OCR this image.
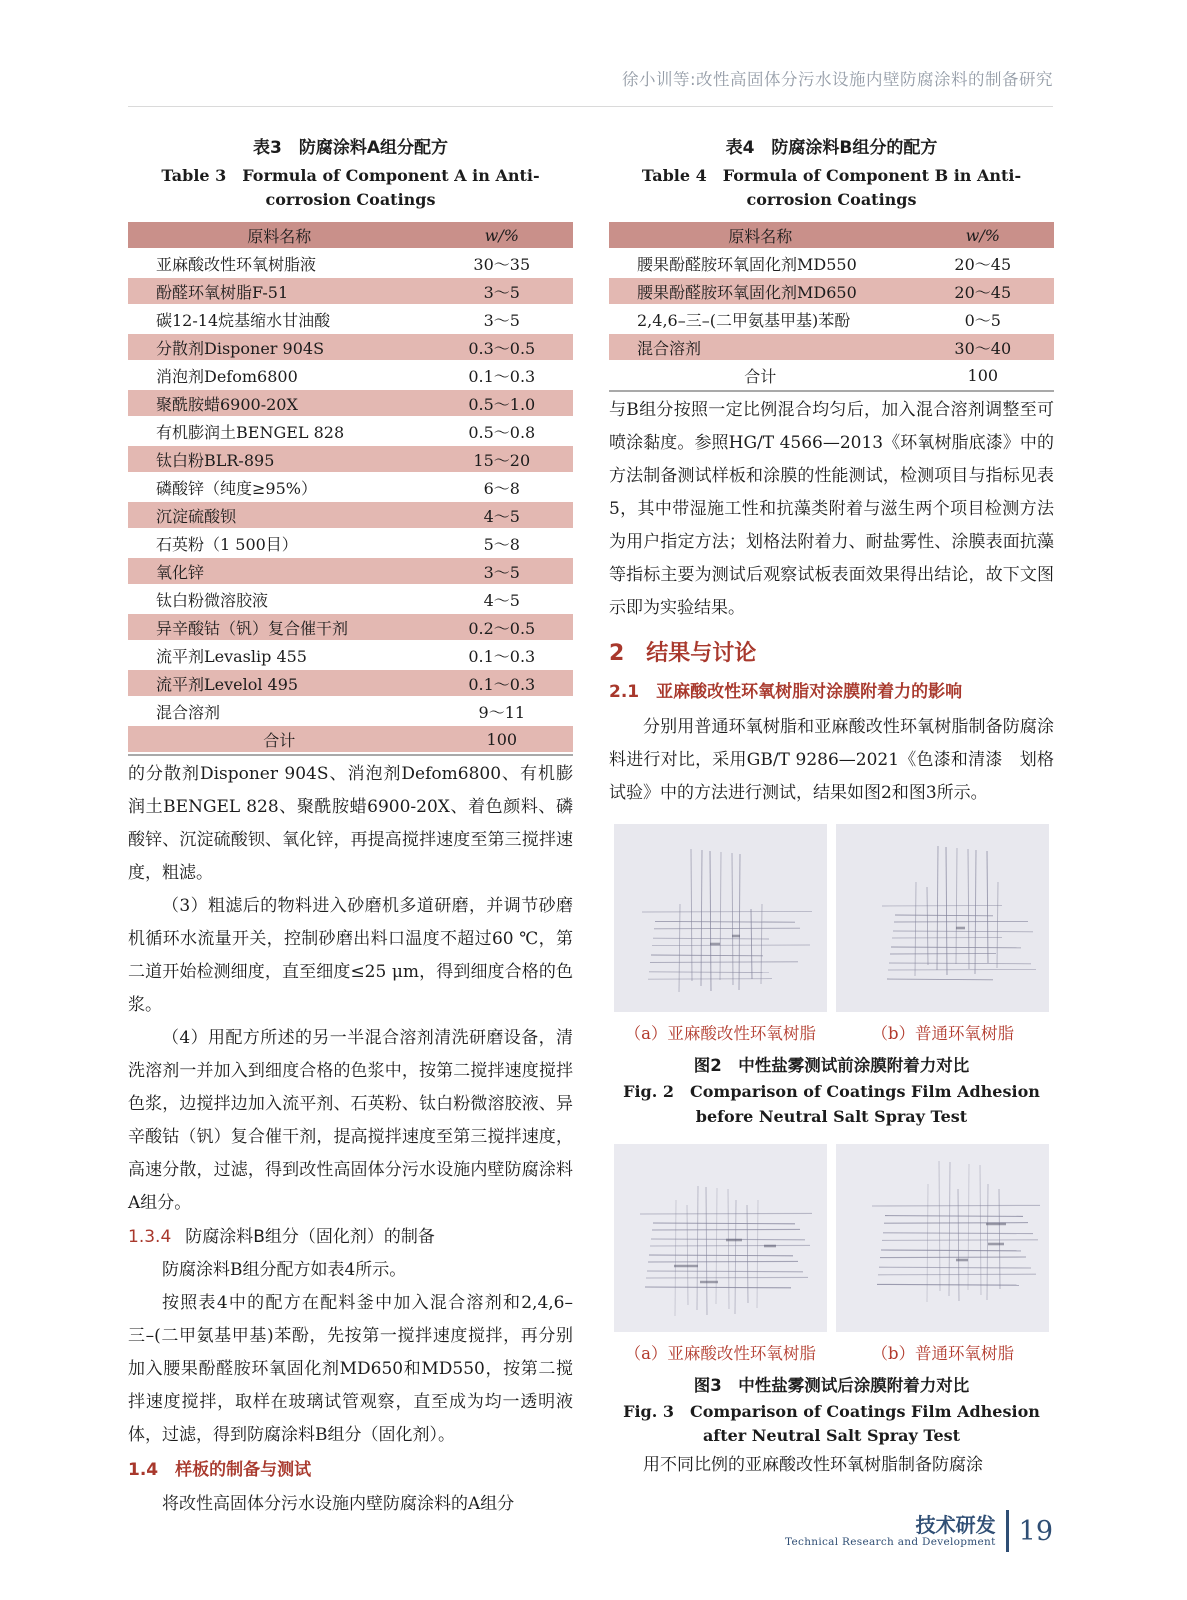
徐小训等:改性高固体分污水设施内壁防腐涂料的制备研究
表3　防腐涂料A组分配方
Table 3　Formula of Component A in Anti-corrosion Coatings
原料名称	w/%
亚麻酸改性环氧树脂液	30～35
酚醛环氧树脂F-51	3～5
碳12-14烷基缩水甘油酸	3～5
分散剂Disponer 904S	0.3～0.5
消泡剂Defom6800	0.1～0.3
聚酰胺蜡6900-20X	0.5～1.0
有机膨润土BENGEL 828	0.5～0.8
钛白粉BLR-895	15～20
磷酸锌（纯度≥95%）	6～8
沉淀硫酸钡	4～5
石英粉（1 500目）	5～8
氧化锌	3～5
钛白粉微溶胶液	4～5
异辛酸钴（钒）复合催干剂	0.2～0.5
流平剂Levaslip 455	0.1～0.3
流平剂Levelol 495	0.1～0.3
混合溶剂	9～11
合计	100

的分散剂Disponer 904S、消泡剂Defom6800、有机膨润土BENGEL 828、聚酰胺蜡6900-20X、着色颜料、磷酸锌、沉淀硫酸钡、氧化锌，再提高搅拌速度至第三搅拌速度，粗滤。

（3）粗滤后的物料进入砂磨机多道研磨，并调节砂磨机循环水流量开关，控制砂磨出料口温度不超过60 ℃，第二道开始检测细度，直至细度≤25 μm，得到细度合格的色浆。

（4）用配方所述的另一半混合溶剂清洗研磨设备，清洗溶剂一并加入到细度合格的色浆中，按第二搅拌速度搅拌色浆，边搅拌边加入流平剂、石英粉、钛白粉微溶胶液、异辛酸钴（钒）复合催干剂，提高搅拌速度至第三搅拌速度，高速分散，过滤，得到改性高固体分污水设施内壁防腐涂料A组分。

1.3.4 防腐涂料B组分（固化剂）的制备

防腐涂料B组分配方如表4所示。

按照表4中的配方在配料釜中加入混合溶剂和2,4,6–三–(二甲氨基甲基)苯酚，先按第一搅拌速度搅拌，再分别加入腰果酚醛胺环氧固化剂MD650和MD550，按第二搅拌速度搅拌，取样在玻璃试管观察，直至成为均一透明液体，过滤，得到防腐涂料B组分（固化剂）。

1.4　样板的制备与测试

将改性高固体分污水设施内壁防腐涂料的A组分

表4　防腐涂料B组分的配方
Table 4　Formula of Component B in Anti-corrosion Coatings
原料名称	w/%
腰果酚醛胺环氧固化剂MD550	20～45
腰果酚醛胺环氧固化剂MD650	20～45
2,4,6–三–(二甲氨基甲基)苯酚	0～5
混合溶剂	30～40
合计	100

与B组分按照一定比例混合均匀后，加入混合溶剂调整至可喷涂黏度。参照HG/T 4566—2013《环氧树脂底漆》中的方法制备测试样板和涂膜的性能测试，检测项目与指标见表5，其中带湿施工性和抗藻类附着与滋生两个项目检测方法为用户指定方法；划格法附着力、耐盐雾性、涂膜表面抗藻等指标主要为测试后观察试板表面效果得出结论，故下文图示即为实验结果。

2　结果与讨论
2.1　亚麻酸改性环氧树脂对涂膜附着力的影响

分别用普通环氧树脂和亚麻酸改性环氧树脂制备防腐涂料进行对比，采用GB/T 9286—2021《色漆和清漆　划格试验》中的方法进行测试，结果如图2和图3所示。

（a）亚麻酸改性环氧树脂	（b）普通环氧树脂
图2　中性盐雾测试前涂膜附着力对比
Fig. 2　Comparison of Coatings Film Adhesion before Neutral Salt Spray Test
（a）亚麻酸改性环氧树脂	（b）普通环氧树脂
图3　中性盐雾测试后涂膜附着力对比
Fig. 3　Comparison of Coatings Film Adhesion after Neutral Salt Spray Test

用不同比例的亚麻酸改性环氧树脂制备防腐涂

技术研发
Technical Research and Development 19
